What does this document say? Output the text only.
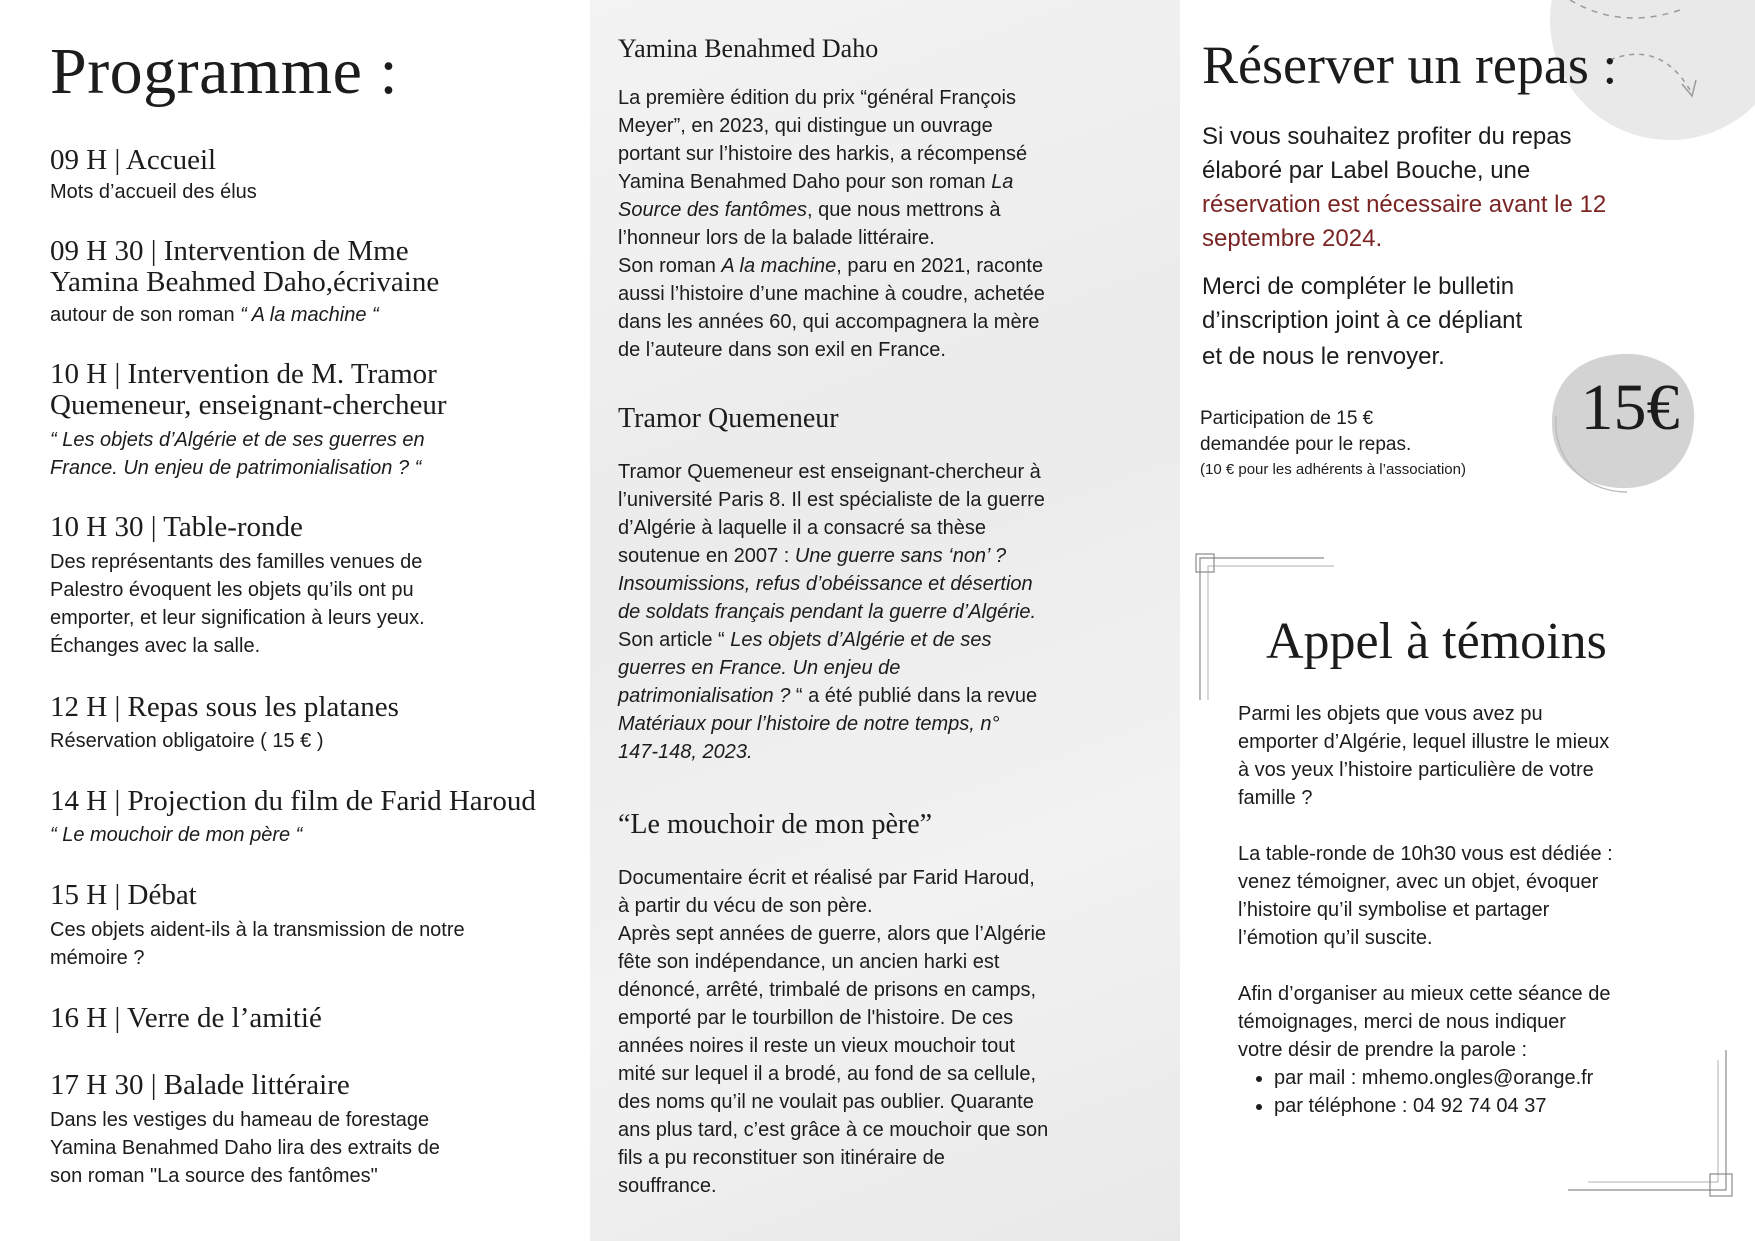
Programme :
09 H | Accueil
Mots d’accueil des élus
09 H 30 | Intervention de Mme
Yamina Beahmed Daho,écrivaine
autour de son roman “ A la machine “
10 H | Intervention de M. Tramor
Quemeneur, enseignant-chercheur
“ Les objets d’Algérie et de ses guerres en
France. Un enjeu de patrimonialisation ? “
10 H 30 | Table-ronde
Des représentants des familles venues de
Palestro évoquent les objets qu’ils ont pu
emporter, et leur signification à leurs yeux.
Échanges avec la salle.
12 H | Repas sous les platanes
Réservation obligatoire ( 15 € )
14 H | Projection du film de Farid Haroud
“ Le mouchoir de mon père “
15 H | Débat
Ces objets aident-ils à la transmission de notre
mémoire ?
16 H | Verre de l’amitié
17 H 30 | Balade littéraire
Dans les vestiges du hameau de forestage
Yamina Benahmed Daho lira des extraits de
son roman "La source des fantômes"
Yamina Benahmed Daho
La première édition du prix “général François
Meyer”, en 2023, qui distingue un ouvrage
portant sur l’histoire des harkis, a récompensé
Yamina Benahmed Daho pour son roman La
Source des fantômes, que nous mettrons à
l’honneur lors de la balade littéraire.
Son roman A la machine, paru en 2021, raconte
aussi l’histoire d’une machine à coudre, achetée
dans les années 60, qui accompagnera la mère
de l’auteure dans son exil en France.
Tramor Quemeneur
Tramor Quemeneur est enseignant-chercheur à
l’université Paris 8. Il est spécialiste de la guerre
d’Algérie à laquelle il a consacré sa thèse
soutenue en 2007 : Une guerre sans ‘non’ ?
Insoumissions, refus d’obéissance et désertion
de soldats français pendant la guerre d’Algérie.
Son article “ Les objets d’Algérie et de ses
guerres en France. Un enjeu de
patrimonialisation ? “ a été publié dans la revue
Matériaux pour l’histoire de notre temps, n°
147-148, 2023.
“Le mouchoir de mon père”
Documentaire écrit et réalisé par Farid Haroud,
à partir du vécu de son père.
Après sept années de guerre, alors que l’Algérie
fête son indépendance, un ancien harki est
dénoncé, arrêté, trimbalé de prisons en camps,
emporté par le tourbillon de l'histoire. De ces
années noires il reste un vieux mouchoir tout
mité sur lequel il a brodé, au fond de sa cellule,
des noms qu’il ne voulait pas oublier. Quarante
ans plus tard, c’est grâce à ce mouchoir que son
fils a pu reconstituer son itinéraire de
souffrance.
Réserver un repas :
Si vous souhaitez profiter du repas
élaboré par Label Bouche, une
réservation est nécessaire avant le 12
septembre 2024.
Merci de compléter le bulletin
d’inscription joint à ce dépliant
et de nous le renvoyer.
15€
Participation de 15 €
demandée pour le repas.
(10 € pour les adhérents à l’association)
Appel à témoins
Parmi les objets que vous avez pu
emporter d’Algérie, lequel illustre le mieux
à vos yeux l’histoire particulière de votre
famille ?
La table-ronde de 10h30 vous est dédiée :
venez témoigner, avec un objet, évoquer
l’histoire qu’il symbolise et partager
l’émotion qu’il suscite.
Afin d’organiser au mieux cette séance de
témoignages, merci de nous indiquer
votre désir de prendre la parole :
• par mail : mhemo.ongles@orange.fr
• par téléphone : 04 92 74 04 37
